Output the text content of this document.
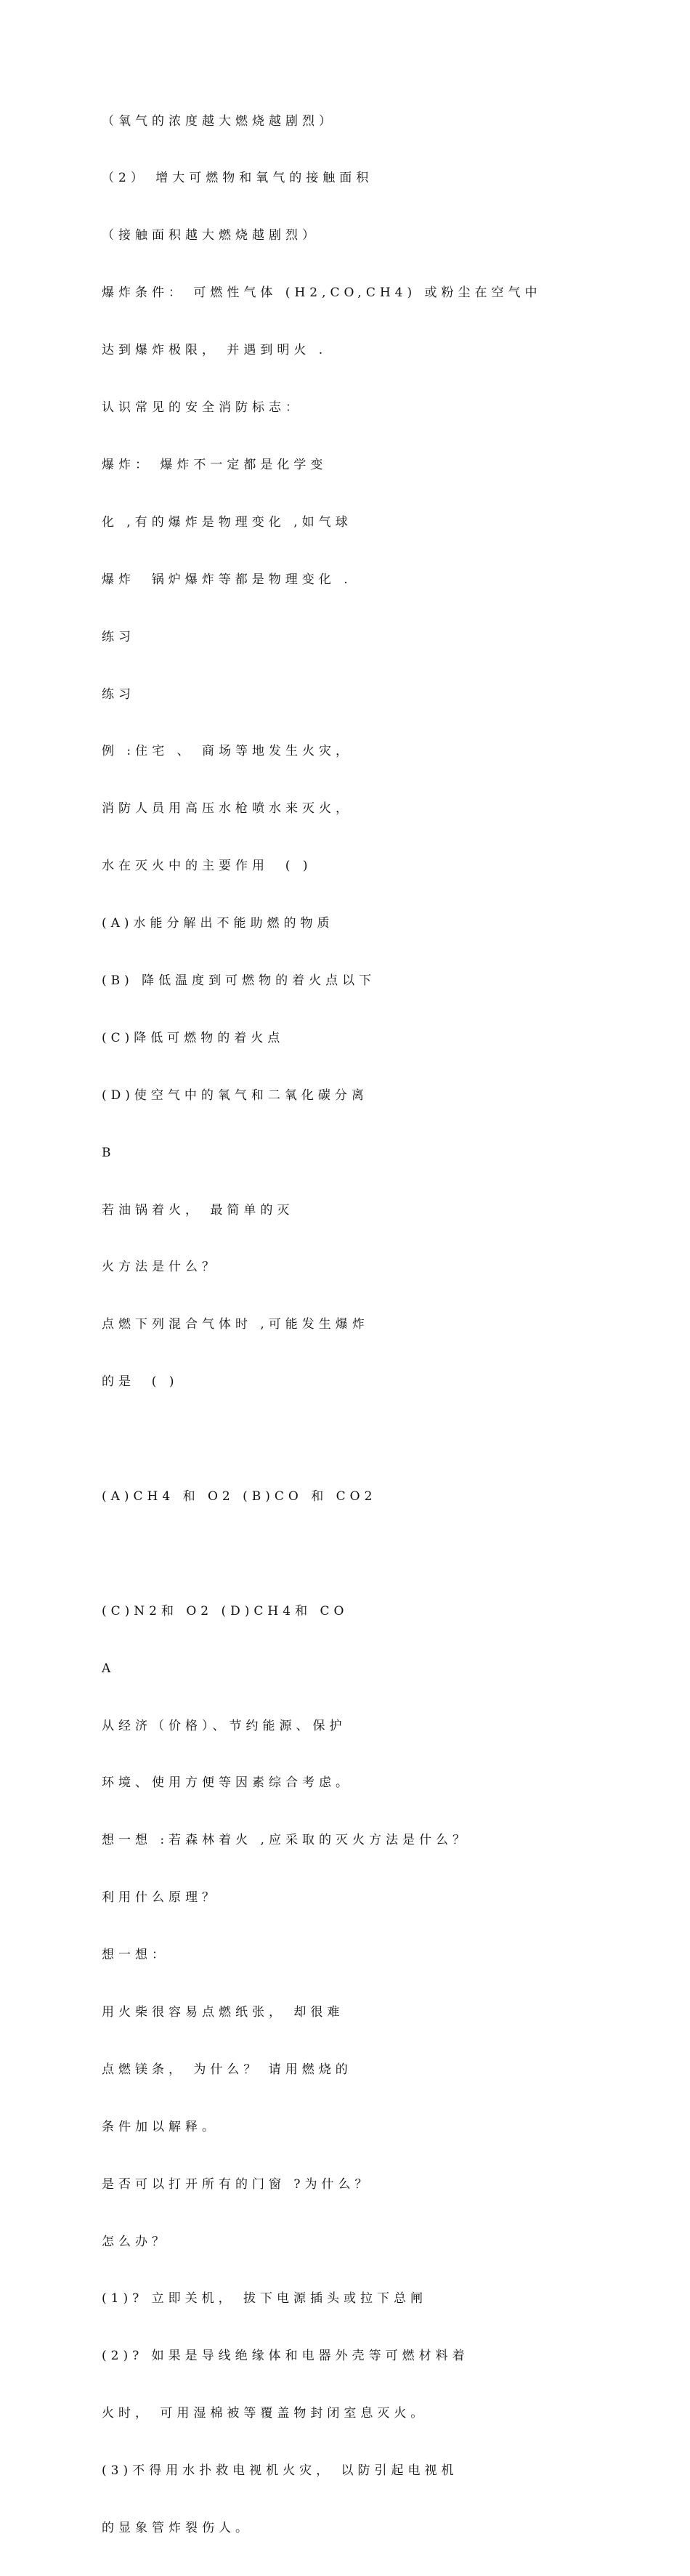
（氧气的浓度越大燃烧越剧烈）

（2） 增大可燃物和氧气的接触面积

（接触面积越大燃烧越剧烈）

爆炸条件： 可燃性气体 (H2,CO,CH4) 或粉尘在空气中

达到爆炸极限， 并遇到明火 .

认识常见的安全消防标志：

爆炸： 爆炸不一定都是化学变

化 ,有的爆炸是物理变化 ,如气球

爆炸  锅炉爆炸等都是物理变化 .

练习

练习

例 :住宅 、 商场等地发生火灾，

消防人员用高压水枪喷水来灭火，

水在灭火中的主要作用  ( )

(A)水能分解出不能助燃的物质

(B) 降低温度到可燃物的着火点以下

(C)降低可燃物的着火点

(D)使空气中的氧气和二氧化碳分离

B

若油锅着火， 最简单的灭

火方法是什么？

点燃下列混合气体时 ,可能发生爆炸

的是  ( )

(A)CH4 和 O2 (B)CO 和 CO2

(C)N2和 O2 (D)CH4和 CO

A

从经济（价格）、节约能源、保护

环境、使用方便等因素综合考虑。

想一想 :若森林着火 ,应采取的灭火方法是什么？

利用什么原理？

想一想：

用火柴很容易点燃纸张， 却很难

点燃镁条， 为什么？ 请用燃烧的

条件加以解释。

是否可以打开所有的门窗 ?为什么？

怎么办？

(1)? 立即关机， 拔下电源插头或拉下总闸

(2)? 如果是导线绝缘体和电器外壳等可燃材料着

火时， 可用湿棉被等覆盖物封闭室息灭火。

(3)不得用水扑救电视机火灾， 以防引起电视机

的显象管炸裂伤人。
